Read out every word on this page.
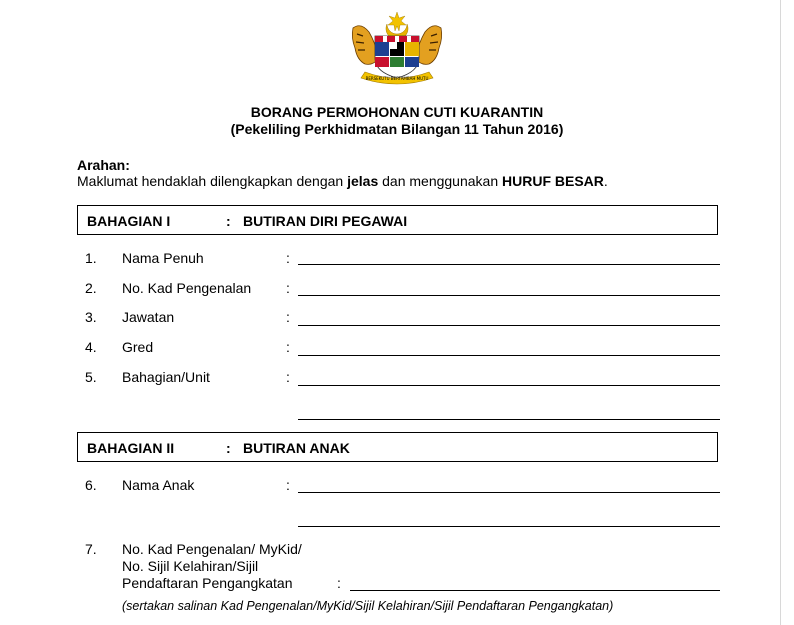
BERSEKUTU BERTAMBAH MUTU
BORANG PERMOHONAN CUTI KUARANTIN
(Pekeliling Perkhidmatan Bilangan 11 Tahun 2016)
Arahan:
Maklumat hendaklah dilengkapkan dengan jelas dan menggunakan HURUF BESAR.
BAHAGIAN I	: BUTIRAN DIRI PEGAWAI
1. Nama Penuh	:
2. No. Kad Pengenalan :
3. Jawatan	:
4. Gred	:
5. Bahagian/Unit	:
BAHAGIAN II	: BUTIRAN ANAK
6. Nama Anak	:
7. No. Kad Pengenalan/ MyKid/
No. Sijil Kelahiran/Sijil
Pendaftaran Pengangkatan	:
(sertakan salinan Kad Pengenalan/MyKid/Sijil Kelahiran/Sijil Pendaftaran Pengangkatan)
